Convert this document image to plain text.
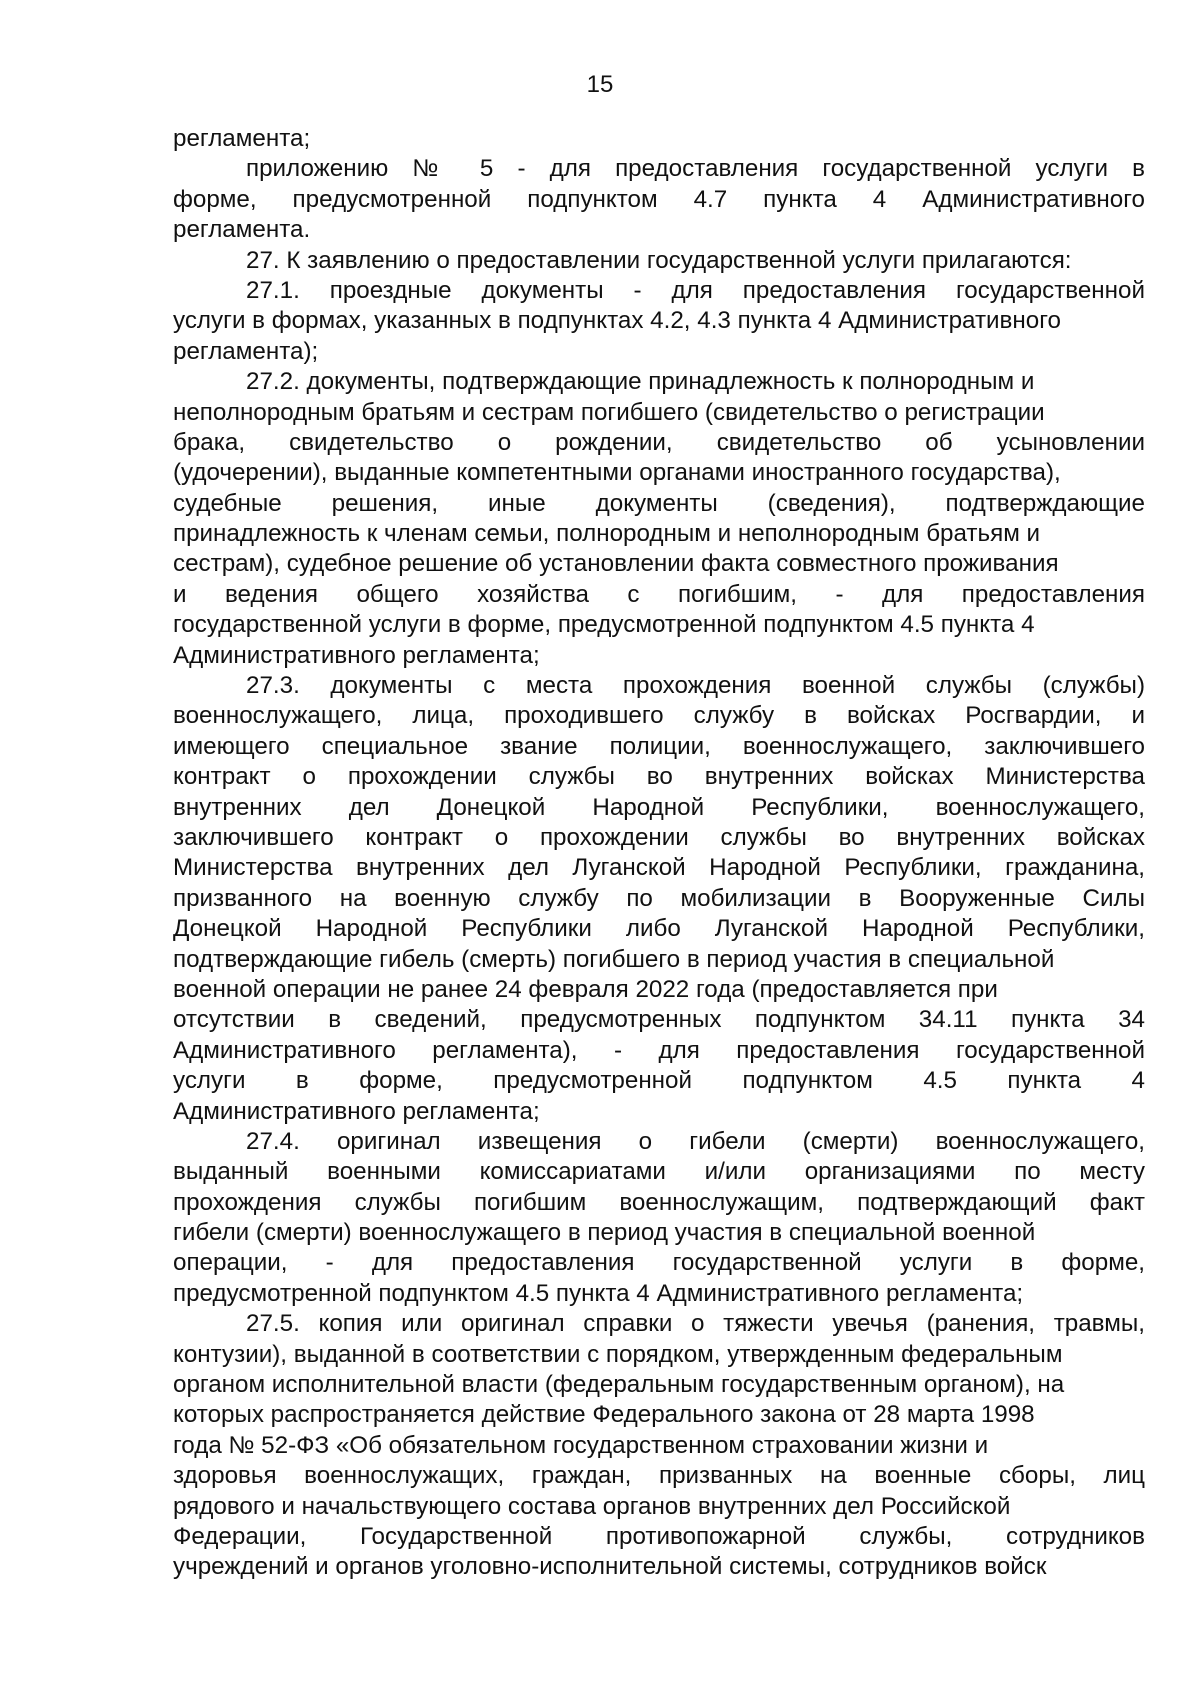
15
регламента;
приложению № 5 - для предоставления государственной услуги в
форме, предусмотренной подпунктом 4.7 пункта 4 Административного
регламента.
27. К заявлению о предоставлении государственной услуги прилагаются:
27.1. проездные документы - для предоставления государственной
услуги в формах, указанных в подпунктах 4.2, 4.3 пункта 4 Административного
регламента);
27.2. документы, подтверждающие принадлежность к полнородным и
неполнородным братьям и сестрам погибшего (свидетельство о регистрации
брака, свидетельство о рождении, свидетельство об усыновлении
(удочерении), выданные компетентными органами иностранного государства),
судебные решения, иные документы (сведения), подтверждающие
принадлежность к членам семьи, полнородным и неполнородным братьям и
сестрам), судебное решение об установлении факта совместного проживания
и ведения общего хозяйства с погибшим, - для предоставления
государственной услуги в форме, предусмотренной подпунктом 4.5 пункта 4
Административного регламента;
27.3. документы с места прохождения военной службы (службы)
военнослужащего, лица, проходившего службу в войсках Росгвардии, и
имеющего специальное звание полиции, военнослужащего, заключившего
контракт о прохождении службы во внутренних войсках Министерства
внутренних дел Донецкой Народной Республики, военнослужащего,
заключившего контракт о прохождении службы во внутренних войсках
Министерства внутренних дел Луганской Народной Республики, гражданина,
призванного на военную службу по мобилизации в Вооруженные Силы
Донецкой Народной Республики либо Луганской Народной Республики,
подтверждающие гибель (смерть) погибшего в период участия в специальной
военной операции не ранее 24 февраля 2022 года (предоставляется при
отсутствии в сведений, предусмотренных подпунктом 34.11 пункта 34
Административного регламента), - для предоставления государственной
услуги в форме, предусмотренной подпунктом 4.5 пункта 4
Административного регламента;
27.4. оригинал извещения о гибели (смерти) военнослужащего,
выданный военными комиссариатами и/или организациями по месту
прохождения службы погибшим военнослужащим, подтверждающий факт
гибели (смерти) военнослужащего в период участия в специальной военной
операции, - для предоставления государственной услуги в форме,
предусмотренной подпунктом 4.5 пункта 4 Административного регламента;
27.5. копия или оригинал справки о тяжести увечья (ранения, травмы,
контузии), выданной в соответствии с порядком, утвержденным федеральным
органом исполнительной власти (федеральным государственным органом), на
которых распространяется действие Федерального закона от 28 марта 1998
года № 52-ФЗ «Об обязательном государственном страховании жизни и
здоровья военнослужащих, граждан, призванных на военные сборы, лиц
рядового и начальствующего состава органов внутренних дел Российской
Федерации, Государственной противопожарной службы, сотрудников
учреждений и органов уголовно-исполнительной системы, сотрудников войск
